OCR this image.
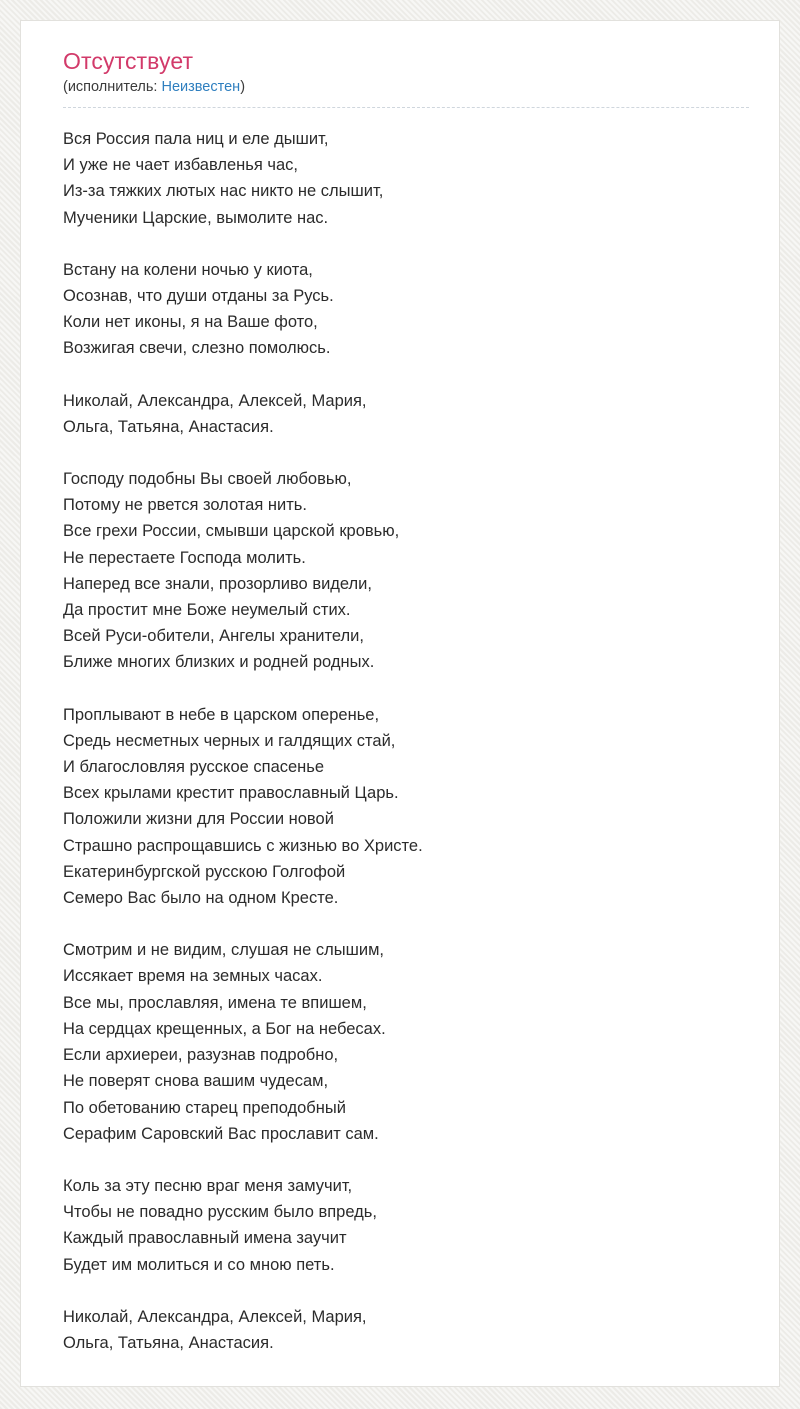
Отсутствует
(исполнитель: Неизвестен)

Вся Россия пала ниц и еле дышит,
И уже не чает избавленья час,
Из-за тяжких лютых нас никто не слышит,
Мученики Царские, вымолите нас.

Встану на колени ночью у киота,
Осознав, что души отданы за Русь.
Коли нет иконы, я на Ваше фото,
Возжигая свечи, слезно помолюсь.

Николай, Александра, Алексей, Мария,
Ольга, Татьяна, Анастасия.

Господу подобны Вы своей любовью,
Потому не рвется золотая нить.
Все грехи России, смывши царской кровью,
Не перестаете Господа молить.
Наперед все знали, прозорливо видели,
Да простит мне Боже неумелый стих.
Всей Руси-обители, Ангелы хранители,
Ближе многих близких и родней родных.

Проплывают в небе в царском оперенье,
Средь несметных черных и галдящих стай,
И благословляя русское спасенье
Всех крылами крестит православный Царь.
Положили жизни для России новой
Страшно распрощавшись с жизнью во Христе.
Екатеринбургской русскою Голгофой
Семеро Вас было на одном Кресте.

Смотрим и не видим, слушая не слышим,
Иссякает время на земных часах.
Все мы, прославляя, имена те впишем,
На сердцах крещенных, а Бог на небесах.
Если архиереи, разузнав подробно,
Не поверят снова вашим чудесам,
По обетованию старец преподобный
Серафим Саровский Вас прославит сам.

Коль за эту песню враг меня замучит,
Чтобы не повадно русским было впредь,
Каждый православный имена заучит
Будет им молиться и со мною петь.

Николай, Александра, Алексей, Мария,
Ольга, Татьяна, Анастасия.
